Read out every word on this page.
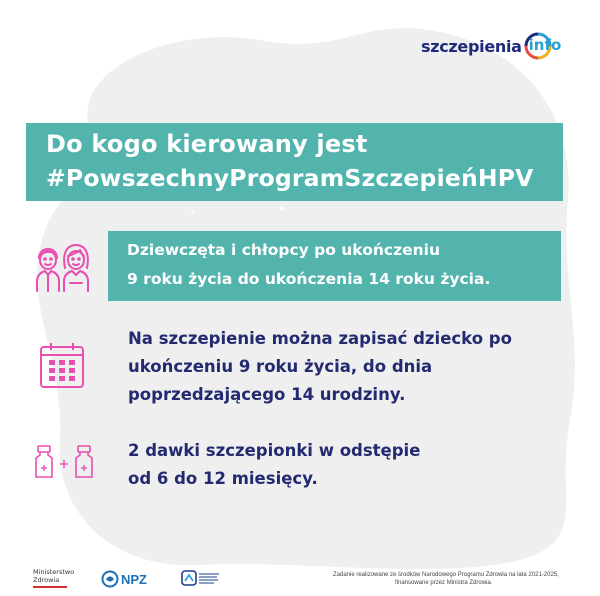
✦
✦
szczepienia info
Do kogo kierowany jest
#PowszechnyProgramSzczepieńHPV
Dziewczęta i chłopcy po ukończeniu
9 roku życia do ukończenia 14 roku życia.
Na szczepienie można zapisać dziecko po
ukończeniu 9 roku życia, do dnia
poprzedzającego 14 urodziny.
2 dawki szczepionki w odstępie
od 6 do 12 miesięcy.
Ministerstwo
Zdrowia	NPZ	Zadanie realizowane ze środków Narodowego Programu Zdrowia na lata 2021-2025,
finansowane przez Ministra Zdrowia.
